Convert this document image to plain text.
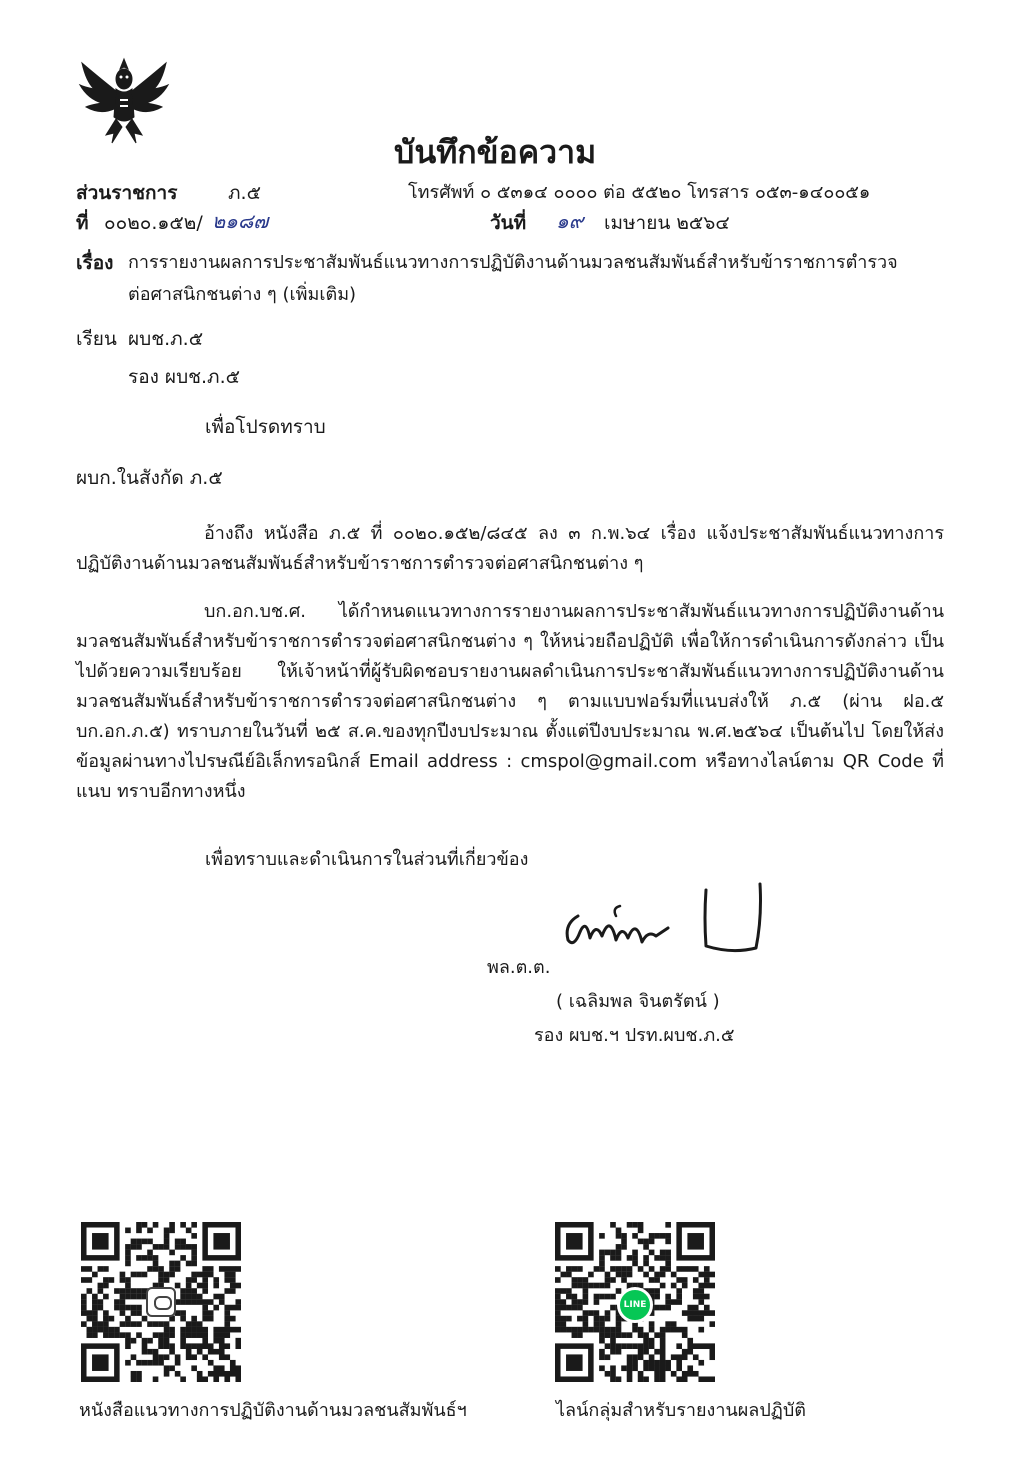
บันทึกข้อความ
ส่วนราชการ	ภ.๕	โทรศัพท์ ๐ ๕๓๑๔ ๐๐๐๐ ต่อ ๕๕๒๐ โทรสาร ๐๕๓-๑๔๐๐๕๑
ที่ ๐๐๒๐.๑๕๒/ ๒๑๘๗	วันที่ ๑๙ เมษายน ๒๕๖๔
เรื่อง การรายงานผลการประชาสัมพันธ์แนวทางการปฏิบัติงานด้านมวลชนสัมพันธ์สำหรับข้าราชการตำรวจ
ต่อศาสนิกชนต่าง ๆ (เพิ่มเติม)
เรียน ผบช.ภ.๕
รอง ผบช.ภ.๕
เพื่อโปรดทราบ
ผบก.ในสังกัด ภ.๕
อ้างถึง หนังสือ ภ.๕ ที่ ๐๐๒๐.๑๕๒/๘๔๕ ลง ๓ ก.พ.๖๔ เรื่อง แจ้งประชาสัมพันธ์แนวทางการปฏิบัติงานด้านมวลชนสัมพันธ์สำหรับข้าราชการตำรวจต่อศาสนิกชนต่าง ๆ
บก.อก.บช.ศ. ได้กำหนดแนวทางการรายงานผลการประชาสัมพันธ์แนวทางการปฏิบัติงานด้านมวลชนสัมพันธ์สำหรับข้าราชการตำรวจต่อศาสนิกชนต่าง ๆ ให้หน่วยถือปฏิบัติ เพื่อให้การดำเนินการดังกล่าว เป็นไปด้วยความเรียบร้อย ให้เจ้าหน้าที่ผู้รับผิดชอบรายงานผลดำเนินการประชาสัมพันธ์แนวทางการปฏิบัติงานด้านมวลชนสัมพันธ์สำหรับข้าราชการตำรวจต่อศาสนิกชนต่าง ๆ ตามแบบฟอร์มที่แนบส่งให้ ภ.๕ (ผ่าน ฝอ.๕ บก.อก.ภ.๕) ทราบภายในวันที่ ๒๕ ส.ค.ของทุกปีงบประมาณ ตั้งแต่ปีงบประมาณ พ.ศ.๒๕๖๔ เป็นต้นไป โดยให้ส่งข้อมูลผ่านทางไปรษณีย์อิเล็กทรอนิกส์ Email address : cmspol@gmail.com หรือทางไลน์ตาม QR Code ที่แนบ ทราบอีกทางหนึ่ง
เพื่อทราบและดำเนินการในส่วนที่เกี่ยวข้อง
พล.ต.ต.
( เฉลิมพล จินตรัตน์ )
รอง ผบช.ฯ ปรท.ผบช.ภ.๕
LINE
หนังสือแนวทางการปฏิบัติงานด้านมวลชนสัมพันธ์ฯ	ไลน์กลุ่มสำหรับรายงานผลปฏิบัติ
